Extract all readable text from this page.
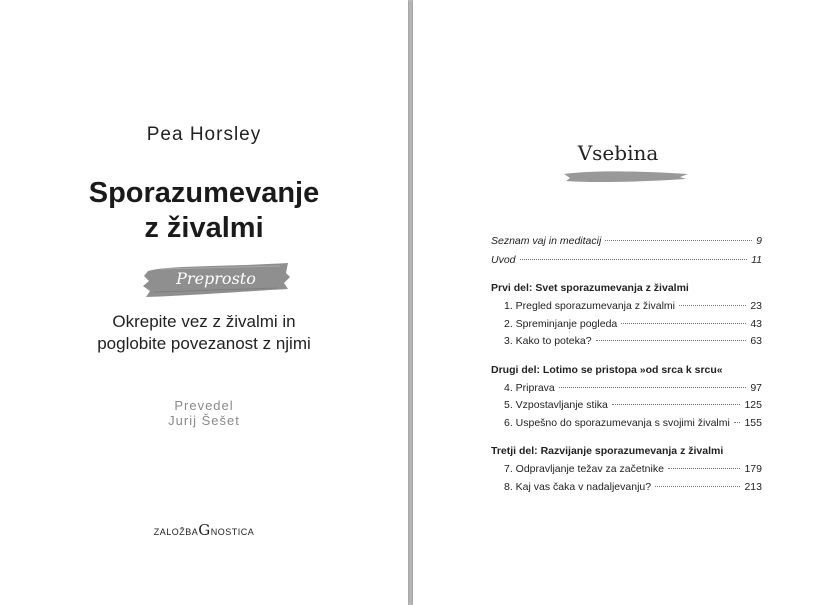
Pea Horsley
Sporazumevanje
z živalmi
Preprosto
Okrepite vez z živalmi in
poglobite povezanost z njimi
Prevedel
Jurij Šešet
ZALOŽBAGNOSTICA
Vsebina
Seznam vaj in meditacij	9
Uvod	11
Prvi del: Svet sporazumevanja z živalmi
1. Pregled sporazumevanja z živalmi	23
2. Spreminjanje pogleda	43
3. Kako to poteka?	63
Drugi del: Lotimo se pristopa »od srca k srcu«
4. Priprava	97
5. Vzpostavljanje stika	125
6. Uspešno do sporazumevanja s svojimi živalmi 155
Tretji del: Razvijanje sporazumevanja z živalmi
7. Odpravljanje težav za začetnike	179
8. Kaj vas čaka v nadaljevanju?	213
